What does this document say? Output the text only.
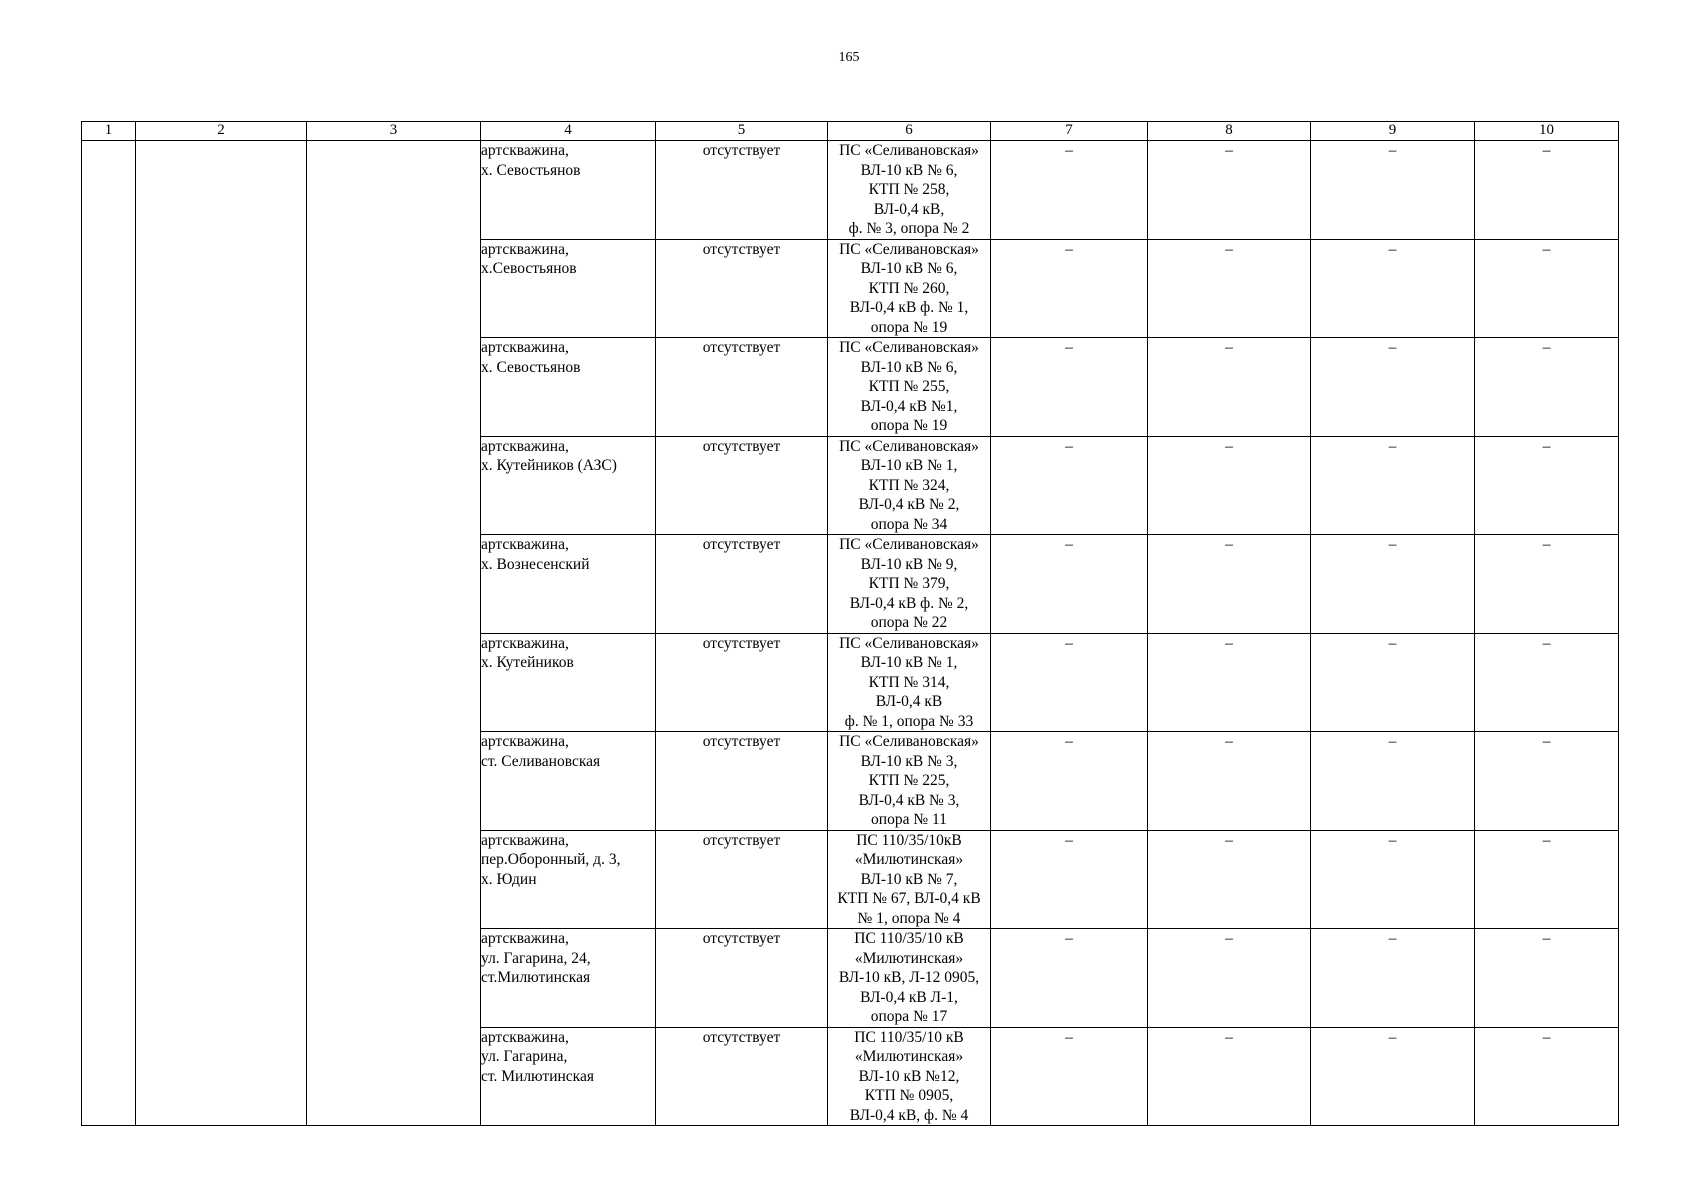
165
1	2	3	4	5	6	7	8	9	10

			артскважина,
х. Севостьянов	отсутствует	ПС «Селивановская»
ВЛ-10 кВ № 6,
КТП № 258,
ВЛ-0,4 кВ,
ф. № 3, опора № 2	–	–	–	–

			артскважина,
х.Севостьянов	отсутствует	ПС «Селивановская»
ВЛ-10 кВ № 6,
КТП № 260,
ВЛ-0,4 кВ ф. № 1,
опора № 19	–	–	–	–

			артскважина,
х. Севостьянов	отсутствует	ПС «Селивановская»
ВЛ-10 кВ № 6,
КТП № 255,
ВЛ-0,4 кВ №1,
опора № 19	–	–	–	–

			артскважина,
х. Кутейников (АЗС)	отсутствует	ПС «Селивановская»
ВЛ-10 кВ № 1,
КТП № 324,
ВЛ-0,4 кВ № 2,
опора № 34	–	–	–	–

			артскважина,
х. Вознесенский	отсутствует	ПС «Селивановская»
ВЛ-10 кВ № 9,
КТП № 379,
ВЛ-0,4 кВ ф. № 2,
опора № 22	–	–	–	–

			артскважина,
х. Кутейников	отсутствует	ПС «Селивановская»
ВЛ-10 кВ № 1,
КТП № 314,
ВЛ-0,4 кВ
ф. № 1, опора № 33	–	–	–	–

			артскважина,
ст. Селивановская	отсутствует	ПС «Селивановская»
ВЛ-10 кВ № 3,
КТП № 225,
ВЛ-0,4 кВ № 3,
опора № 11	–	–	–	–

			артскважина,
пер.Оборонный, д. 3,
х. Юдин	отсутствует	ПС 110/35/10кВ
«Милютинская»
ВЛ-10 кВ № 7,
КТП № 67, ВЛ-0,4 кВ
№ 1, опора № 4	–	–	–	–

			артскважина,
ул. Гагарина, 24,
ст.Милютинская	отсутствует	ПС 110/35/10 кВ
«Милютинская»
ВЛ-10 кВ, Л-12 0905,
ВЛ-0,4 кВ Л-1,
опора № 17	–	–	–	–

			артскважина,
ул. Гагарина,
ст. Милютинская	отсутствует	ПС 110/35/10 кВ
«Милютинская»
ВЛ-10 кВ №12,
КТП № 0905,
ВЛ-0,4 кВ, ф. № 4	–	–	–	–
